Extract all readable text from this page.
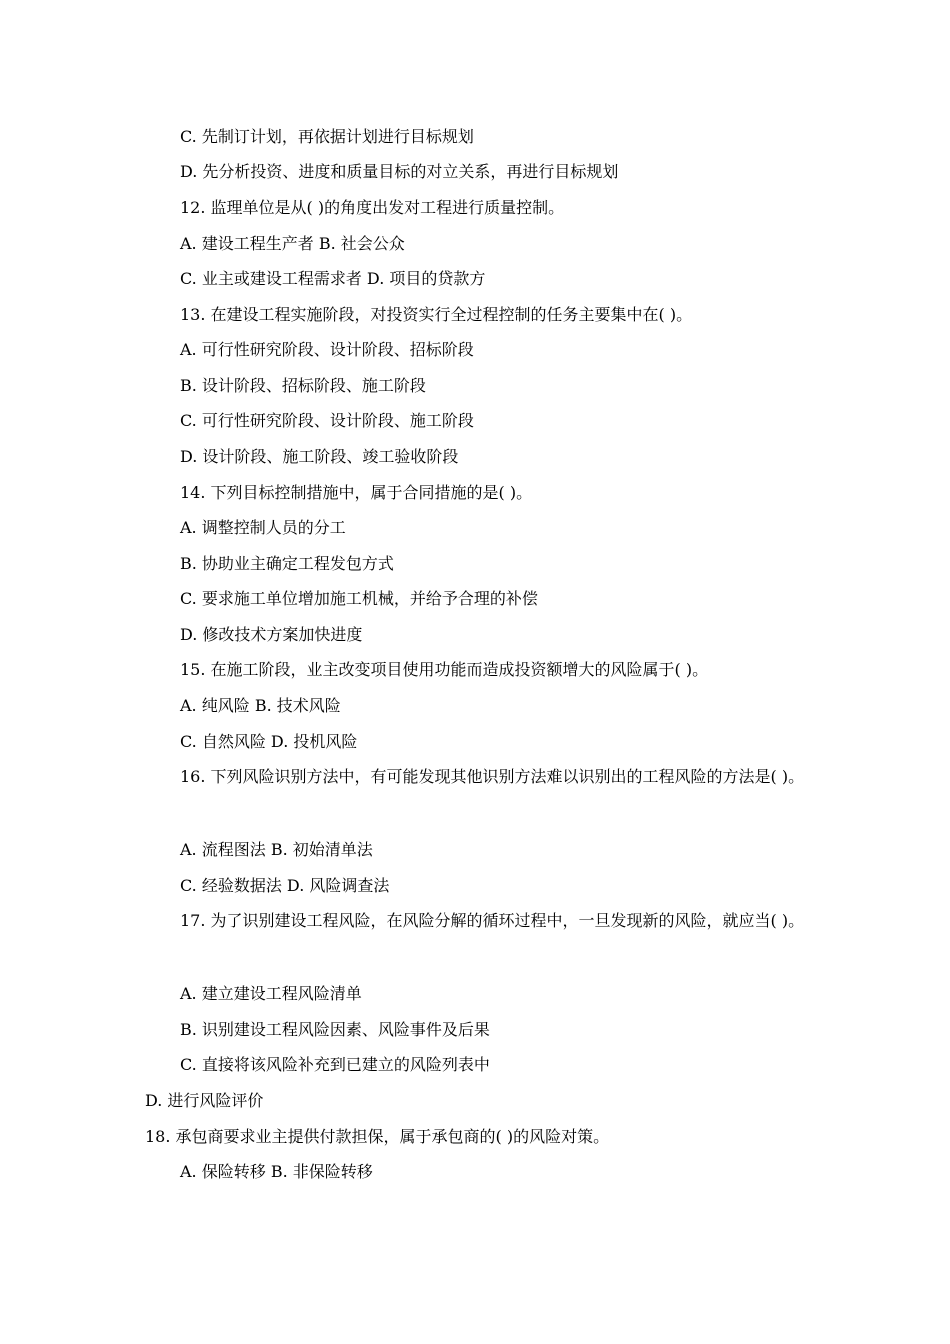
C. 先制订计划，再依据计划进行目标规划
D. 先分析投资、进度和质量目标的对立关系，再进行目标规划
12. 监理单位是从( )的角度出发对工程进行质量控制。
A. 建设工程生产者 B. 社会公众
C. 业主或建设工程需求者 D. 项目的贷款方
13. 在建设工程实施阶段，对投资实行全过程控制的任务主要集中在( )。
A. 可行性研究阶段、设计阶段、招标阶段
B. 设计阶段、招标阶段、施工阶段
C. 可行性研究阶段、设计阶段、施工阶段
D. 设计阶段、施工阶段、竣工验收阶段
14. 下列目标控制措施中，属于合同措施的是( )。
A. 调整控制人员的分工
B. 协助业主确定工程发包方式
C. 要求施工单位增加施工机械，并给予合理的补偿
D. 修改技术方案加快进度
15. 在施工阶段，业主改变项目使用功能而造成投资额增大的风险属于( )。
A. 纯风险 B. 技术风险
C. 自然风险 D. 投机风险
16. 下列风险识别方法中，有可能发现其他识别方法难以识别出的工程风险的方法是( )。
A. 流程图法 B. 初始清单法
C. 经验数据法 D. 风险调查法
17. 为了识别建设工程风险，在风险分解的循环过程中，一旦发现新的风险，就应当( )。
A. 建立建设工程风险清单
B. 识别建设工程风险因素、风险事件及后果
C. 直接将该风险补充到已建立的风险列表中
D. 进行风险评价
18. 承包商要求业主提供付款担保，属于承包商的( )的风险对策。
A. 保险转移 B. 非保险转移
